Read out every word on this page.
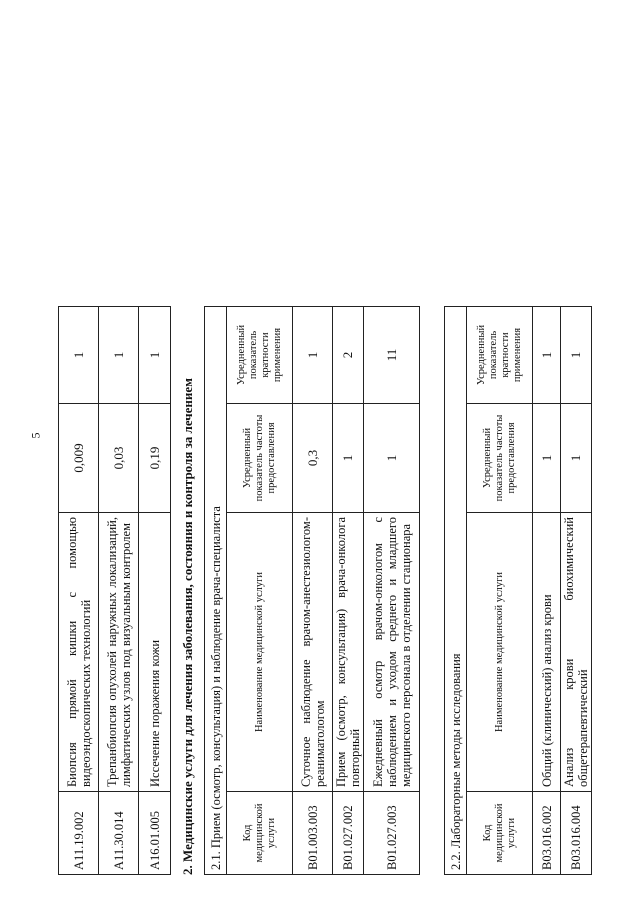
5
A11.19.002	Биопсия прямой кишки с помощью видеоэндоскопических технологий	0,009	1
A11.30.014	Трепанбиопсия опухолей наружных локализаций, лимфатических узлов под визуальным контролем	0,03	1
A16.01.005	Иссечение поражения кожи	0,19	1
2. Медицинские услуги для лечения заболевания, состояния и контроля за лечением 2.1. Прием (осмотр, консультация) и наблюдение врача-специалиста			
Код медицинской услуги	Наименование медицинской услуги	Усредненный показатель частоты предоставления	Усредненный показатель кратности применения
B01.003.003	Суточное наблюдение врачом-анестезиологом-реаниматологом	0,3	1
B01.027.002	Прием (осмотр, консультация) врача-онколога повторный	1	2
B01.027.003	Ежедневный осмотр врачом-онкологом с наблюдением и уходом среднего и младшего медицинского персонала в отделении стационара	1	11
2.2. Лабораторные методы исследования			
Код медицинской услуги	Наименование медицинской услуги	Усредненный показатель частоты предоставления	Усредненный показатель кратности применения
B03.016.002	Общий (клинический) анализ крови	1	1
B03.016.004	Анализ крови биохимический общетерапевтический	1	1
